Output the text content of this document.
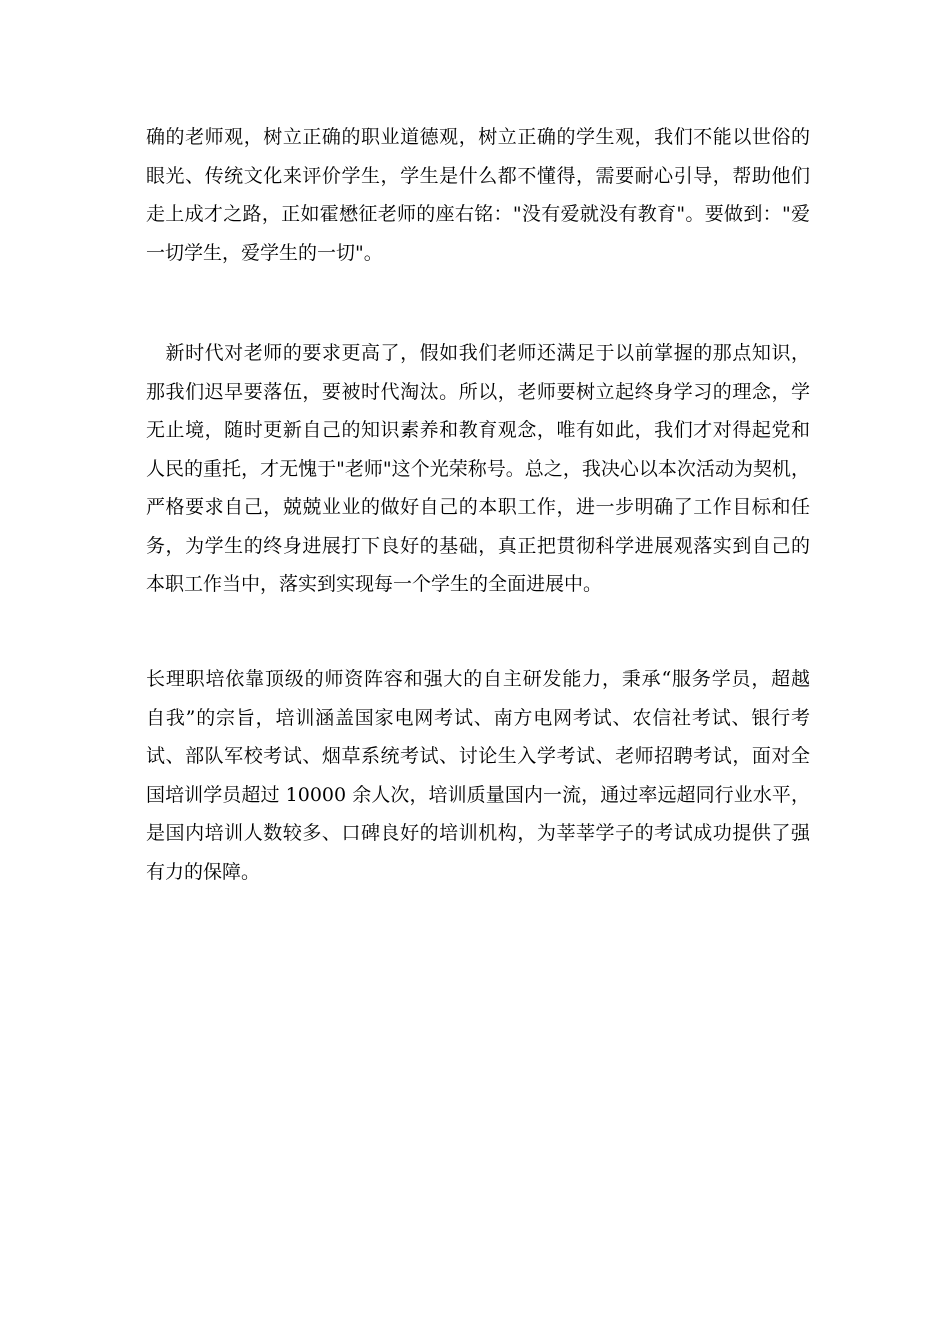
确的老师观，树立正确的职业道德观，树立正确的学生观，我们不能以世俗的
眼光、传统文化来评价学生，学生是什么都不懂得，需要耐心引导，帮助他们
走上成才之路，正如霍懋征老师的座右铭："没有爱就没有教育"。要做到："爱
一切学生，爱学生的一切"。
　新时代对老师的要求更高了，假如我们老师还满足于以前掌握的那点知识，
那我们迟早要落伍，要被时代淘汰。所以，老师要树立起终身学习的理念，学
无止境，随时更新自己的知识素养和教育观念，唯有如此，我们才对得起党和
人民的重托，才无愧于"老师"这个光荣称号。总之，我决心以本次活动为契机，
严格要求自己，兢兢业业的做好自己的本职工作，进一步明确了工作目标和任
务，为学生的终身进展打下良好的基础，真正把贯彻科学进展观落实到自己的
本职工作当中，落实到实现每一个学生的全面进展中。
长理职培依靠顶级的师资阵容和强大的自主研发能力，秉承“服务学员，超越
自我”的宗旨，培训涵盖国家电网考试、南方电网考试、农信社考试、银行考
试、部队军校考试、烟草系统考试、讨论生入学考试、老师招聘考试，面对全
国培训学员超过 10000 余人次，培训质量国内一流，通过率远超同行业水平，
是国内培训人数较多、口碑良好的培训机构，为莘莘学子的考试成功提供了强
有力的保障。
